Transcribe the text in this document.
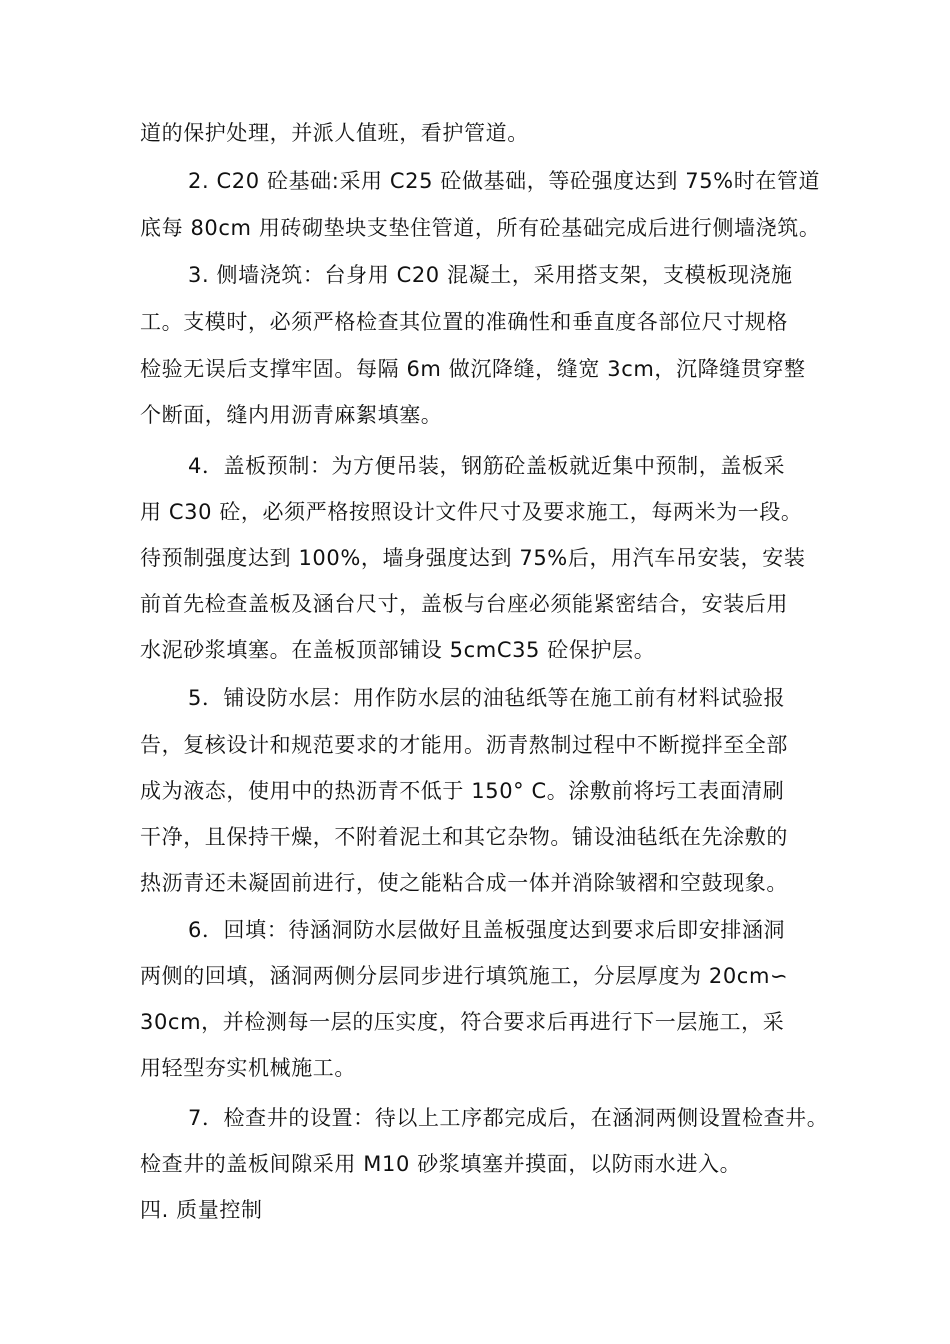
道的保护处理，并派人值班，看护管道。
2. C20 砼基础:采用 C25 砼做基础，等砼强度达到 75%时在管道
底每 80cm 用砖砌垫块支垫住管道，所有砼基础完成后进行侧墙浇筑。
3. 侧墙浇筑：台身用 C20 混凝土，采用搭支架，支模板现浇施
工。支模时，必须严格检查其位置的准确性和垂直度各部位尺寸规格
检验无误后支撑牢固。每隔 6m 做沉降缝，缝宽 3cm，沉降缝贯穿整
个断面，缝内用沥青麻絮填塞。
4．盖板预制：为方便吊装，钢筋砼盖板就近集中预制，盖板采
用 C30 砼，必须严格按照设计文件尺寸及要求施工，每两米为一段。
待预制强度达到 100%，墙身强度达到 75%后，用汽车吊安装，安装
前首先检查盖板及涵台尺寸，盖板与台座必须能紧密结合，安装后用
水泥砂浆填塞。在盖板顶部铺设 5cmC35 砼保护层。
5．铺设防水层：用作防水层的油毡纸等在施工前有材料试验报
告，复核设计和规范要求的才能用。沥青熬制过程中不断搅拌至全部
成为液态，使用中的热沥青不低于 150° C。涂敷前将圬工表面清刷
干净，且保持干燥，不附着泥土和其它杂物。铺设油毡纸在先涂敷的
热沥青还未凝固前进行，使之能粘合成一体并消除皱褶和空鼓现象。
6．回填：待涵洞防水层做好且盖板强度达到要求后即安排涵洞
两侧的回填，涵洞两侧分层同步进行填筑施工，分层厚度为 20cm∽
30cm，并检测每一层的压实度，符合要求后再进行下一层施工，采
用轻型夯实机械施工。
7．检查井的设置：待以上工序都完成后，在涵洞两侧设置检查井。
检查井的盖板间隙采用 M10 砂浆填塞并摸面，以防雨水进入。
四. 质量控制
